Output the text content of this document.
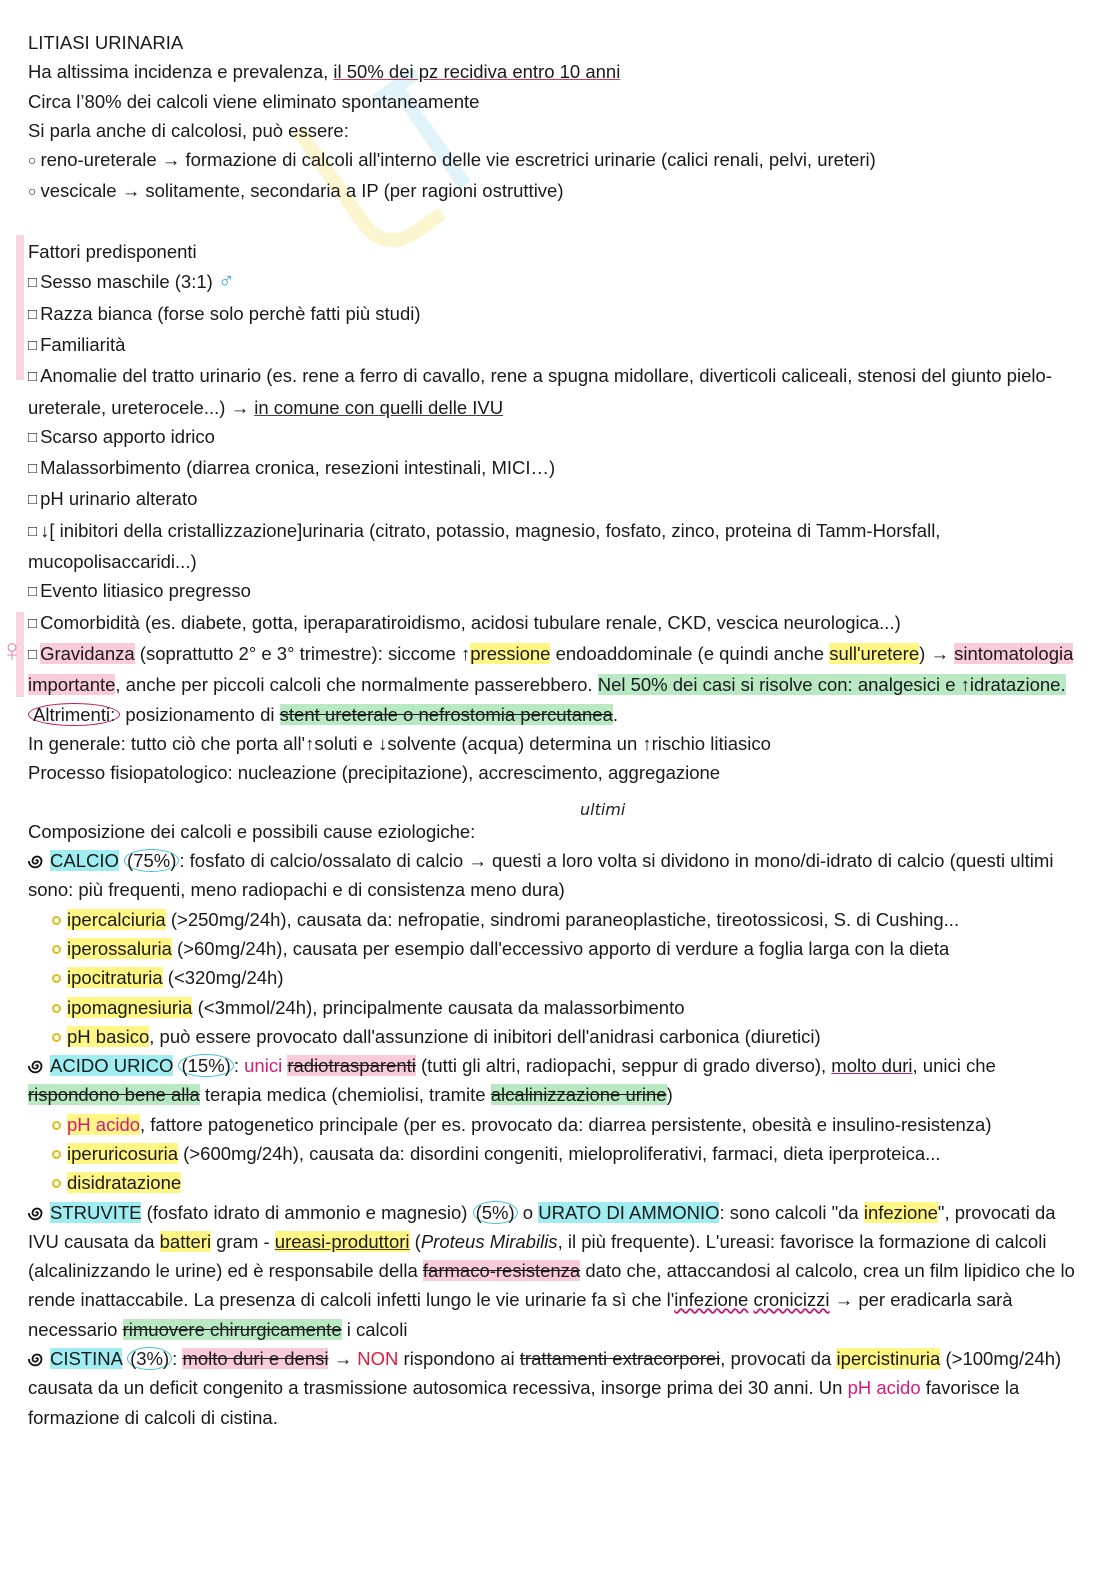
♀
ultimi
LITIASI URINARIA
Ha altissima incidenza e prevalenza, il 50% dei pz recidiva entro 10 anni
Circa l’80% dei calcoli viene eliminato spontaneamente
Si parla anche di calcolosi, può essere:
○ reno-ureterale → formazione di calcoli all'interno delle vie escretrici urinarie (calici renali, pelvi, ureteri)
○ vescicale → solitamente, secondaria a IP (per ragioni ostruttive)
Fattori predisponenti
□ Sesso maschile (3:1) ♂
□ Razza bianca (forse solo perchè fatti più studi)
□ Familiarità
□ Anomalie del tratto urinario (es. rene a ferro di cavallo, rene a spugna midollare, diverticoli caliceali, stenosi del giunto pielo-ureterale, ureterocele...) → in comune con quelli delle IVU
□ Scarso apporto idrico
□ Malassorbimento (diarrea cronica, resezioni intestinali, MICI…)
□ pH urinario alterato
□ ↓[ inibitori della cristallizzazione]urinaria (citrato, potassio, magnesio, fosfato, zinco, proteina di Tamm-Horsfall, mucopolisaccaridi...)
□ Evento litiasico pregresso
□ Comorbidità (es. diabete, gotta, iperaparatiroidismo, acidosi tubulare renale, CKD, vescica neurologica...)
□ Gravidanza (soprattutto 2° e 3° trimestre): siccome ↑pressione endoaddominale (e quindi anche sull'uretere) → sintomatologia importante, anche per piccoli calcoli che normalmente passerebbero. Nel 50% dei casi si risolve con: analgesici e ↑idratazione. Altrimenti: posizionamento di stent ureterale o nefrostomia percutanea.
In generale: tutto ciò che porta all'↑soluti e ↓solvente (acqua) determina un ↑rischio litiasico
Processo fisiopatologico: nucleazione (precipitazione), accrescimento, aggregazione
Composizione dei calcoli e possibili cause eziologiche:
CALCIO (75%) : fosfato di calcio/ossalato di calcio → questi a loro volta si dividono in mono/di-idrato di calcio (questi ultimi sono: più frequenti, meno radiopachi e di consistenza meno dura)
ipercalciuria (>250mg/24h), causata da: nefropatie, sindromi paraneoplastiche, tireotossicosi, S. di Cushing...
iperossaluria (>60mg/24h), causata per esempio dall'eccessivo apporto di verdure a foglia larga con la dieta
ipocitraturia (<320mg/24h)
ipomagnesiuria (<3mmol/24h), principalmente causata da malassorbimento
pH basico, può essere provocato dall'assunzione di inibitori dell'anidrasi carbonica (diuretici)
ACIDO URICO (15%) : unici radiotrasparenti (tutti gli altri, radiopachi, seppur di grado diverso), molto duri, unici che rispondono bene alla terapia medica (chemiolisi, tramite alcalinizzazione urine)
pH acido, fattore patogenetico principale (per es. provocato da: diarrea persistente, obesità e insulino-resistenza)
iperuricosuria (>600mg/24h), causata da: disordini congeniti, mieloproliferativi, farmaci, dieta iperproteica...
disidratazione
STRUVITE (fosfato idrato di ammonio e magnesio) (5%) o URATO DI AMMONIO: sono calcoli "da infezione", provocati da IVU causata da batteri gram - ureasi-produttori (Proteus Mirabilis, il più frequente). L'ureasi: favorisce la formazione di calcoli (alcalinizzando le urine) ed è responsabile della farmaco-resistenza dato che, attaccandosi al calcolo, crea un film lipidico che lo rende inattaccabile. La presenza di calcoli infetti lungo le vie urinarie fa sì che l'infezione cronicizzi → per eradicarla sarà necessario rimuovere chirurgicamente i calcoli
CISTINA (3%) : molto duri e densi → NON rispondono ai trattamenti extracorporei, provocati da ipercistinuria (>100mg/24h) causata da un deficit congenito a trasmissione autosomica recessiva, insorge prima dei 30 anni. Un pH acido favorisce la formazione di calcoli di cistina.
